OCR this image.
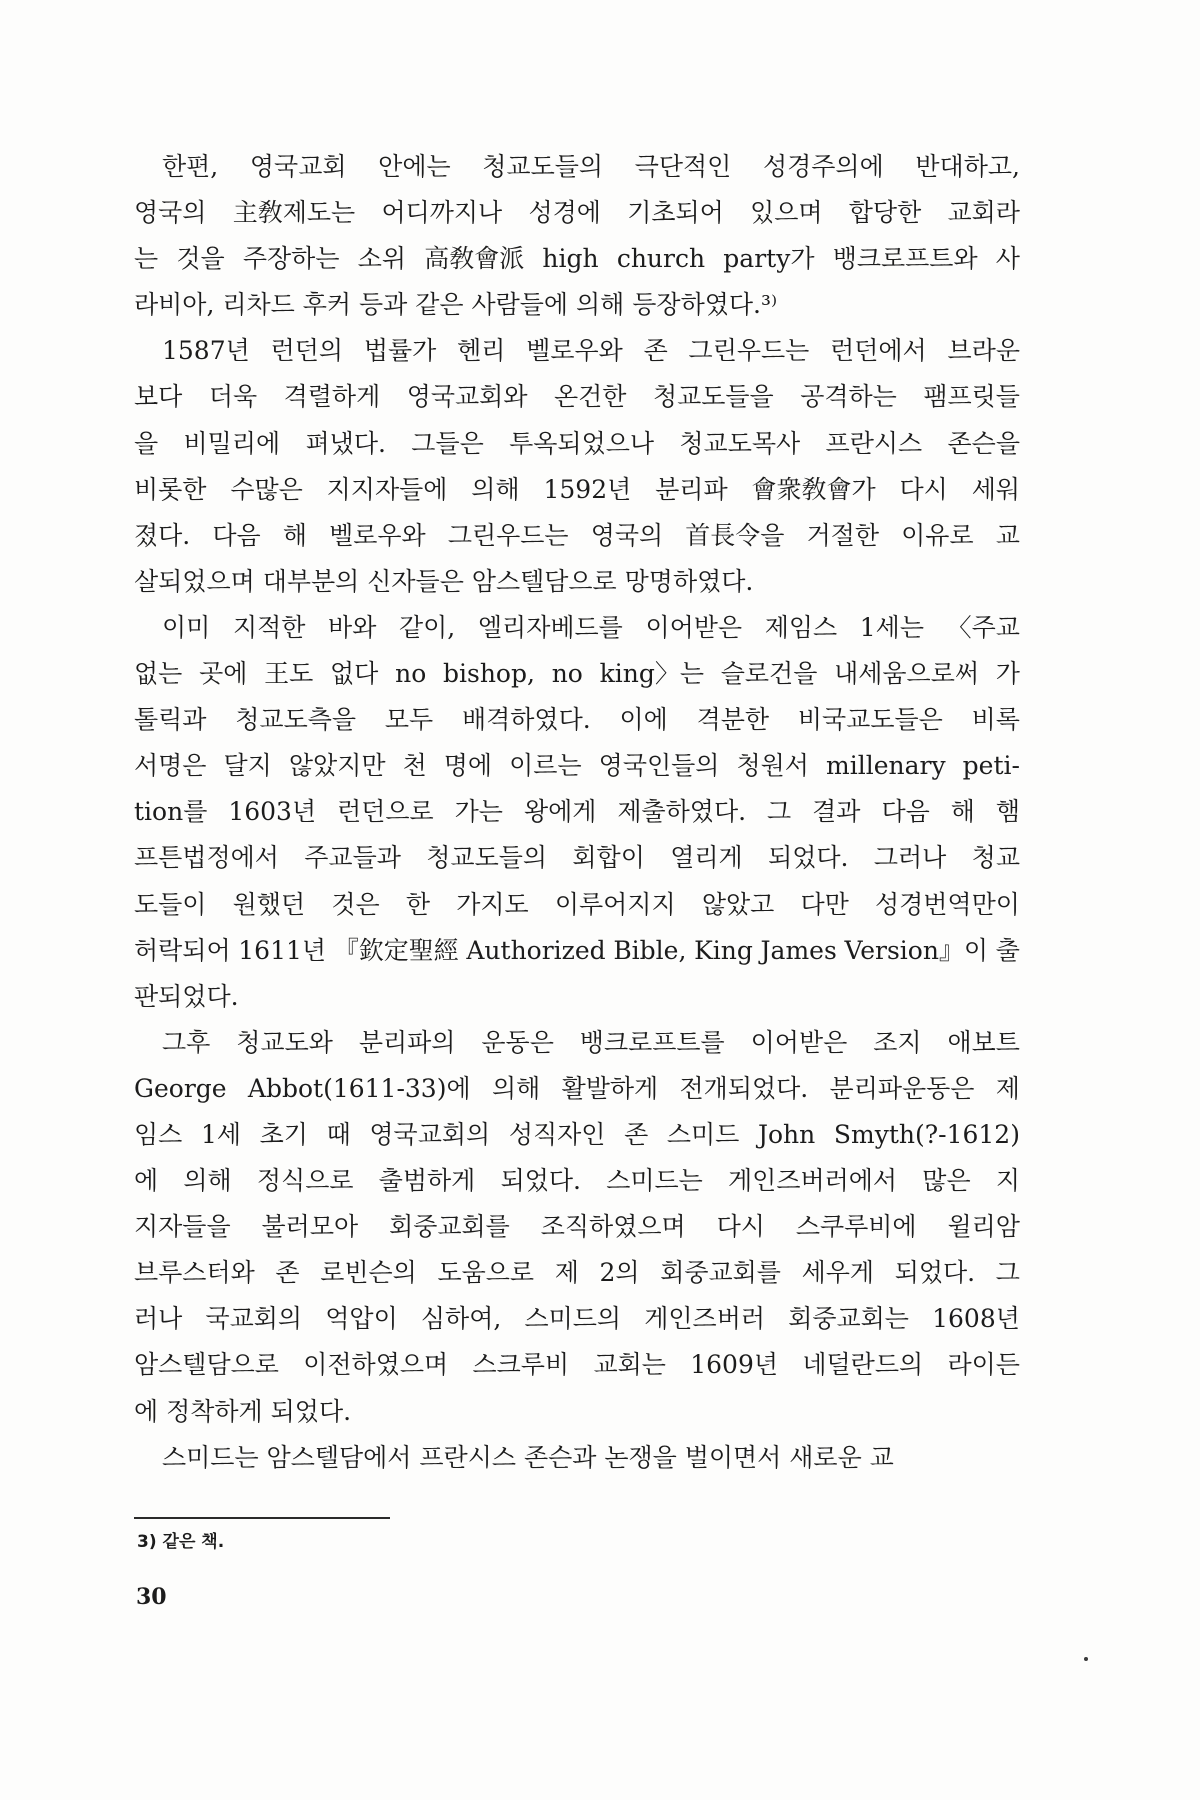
한편, 영국교회 안에는 청교도들의 극단적인 성경주의에 반대하고,
영국의 主敎제도는 어디까지나 성경에 기초되어 있으며 합당한 교회라
는 것을 주장하는 소위 高敎會派 high church party가 뱅크로프트와 사
라비아, 리차드 후커 등과 같은 사람들에 의해 등장하였다.³⁾
1587년 런던의 법률가 헨리 벨로우와 존 그린우드는 런던에서 브라운
보다 더욱 격렬하게 영국교회와 온건한 청교도들을 공격하는 팸프릿들
을 비밀리에 펴냈다. 그들은 투옥되었으나 청교도목사 프란시스 존슨을
비롯한 수많은 지지자들에 의해 1592년 분리파 會衆敎會가 다시 세워
졌다. 다음 해 벨로우와 그린우드는 영국의 首長令을 거절한 이유로 교
살되었으며 대부분의 신자들은 암스텔담으로 망명하였다.
이미 지적한 바와 같이, 엘리자베드를 이어받은 제임스 1세는 〈주교
없는 곳에 王도 없다 no bishop, no king〉는 슬로건을 내세움으로써 가
톨릭과 청교도측을 모두 배격하였다. 이에 격분한 비국교도들은 비록
서명은 달지 않았지만 천 명에 이르는 영국인들의 청원서 millenary peti-
tion를 1603년 런던으로 가는 왕에게 제출하였다. 그 결과 다음 해 햄
프튼법정에서 주교들과 청교도들의 회합이 열리게 되었다. 그러나 청교
도들이 원했던 것은 한 가지도 이루어지지 않았고 다만 성경번역만이
허락되어 1611년 『欽定聖經 Authorized Bible, King James Version』이 출
판되었다.
그후 청교도와 분리파의 운동은 뱅크로프트를 이어받은 조지 애보트
George Abbot(1611-33)에 의해 활발하게 전개되었다. 분리파운동은 제
임스 1세 초기 때 영국교회의 성직자인 존 스미드 John Smyth(?-1612)
에 의해 정식으로 출범하게 되었다. 스미드는 게인즈버러에서 많은 지
지자들을 불러모아 회중교회를 조직하였으며 다시 스쿠루비에 윌리암
브루스터와 존 로빈슨의 도움으로 제 2의 회중교회를 세우게 되었다. 그
러나 국교회의 억압이 심하여, 스미드의 게인즈버러 회중교회는 1608년
암스텔담으로 이전하였으며 스크루비 교회는 1609년 네덜란드의 라이든
에 정착하게 되었다.
스미드는 암스텔담에서 프란시스 존슨과 논쟁을 벌이면서 새로운 교
3) 같은 책.
30
